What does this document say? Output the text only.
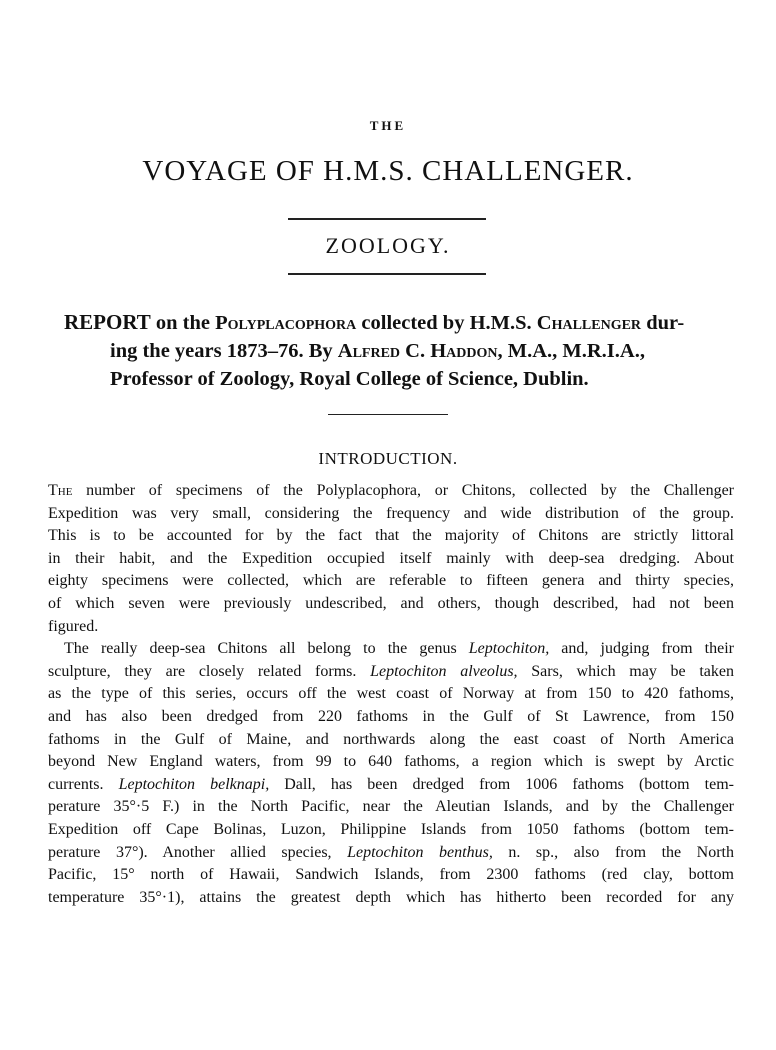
THE
VOYAGE OF H.M.S. CHALLENGER.
ZOOLOGY.
REPORT on the Polyplacophora collected by H.M.S. Challenger dur-
ing the years 1873–76. By Alfred C. Haddon, M.A., M.R.I.A.,
Professor of Zoology, Royal College of Science, Dublin.
INTRODUCTION.
The number of specimens of the Polyplacophora, or Chitons, collected by the Challenger
Expedition was very small, considering the frequency and wide distribution of the group.
This is to be accounted for by the fact that the majority of Chitons are strictly littoral
in their habit, and the Expedition occupied itself mainly with deep-sea dredging. About
eighty specimens were collected, which are referable to fifteen genera and thirty species,
of which seven were previously undescribed, and others, though described, had not been
figured.
The really deep-sea Chitons all belong to the genus Leptochiton, and, judging from their
sculpture, they are closely related forms. Leptochiton alveolus, Sars, which may be taken
as the type of this series, occurs off the west coast of Norway at from 150 to 420 fathoms,
and has also been dredged from 220 fathoms in the Gulf of St Lawrence, from 150
fathoms in the Gulf of Maine, and northwards along the east coast of North America
beyond New England waters, from 99 to 640 fathoms, a region which is swept by Arctic
currents. Leptochiton belknapi, Dall, has been dredged from 1006 fathoms (bottom tem-
perature 35°·5 F.) in the North Pacific, near the Aleutian Islands, and by the Challenger
Expedition off Cape Bolinas, Luzon, Philippine Islands from 1050 fathoms (bottom tem-
perature 37°). Another allied species, Leptochiton benthus, n. sp., also from the North
Pacific, 15° north of Hawaii, Sandwich Islands, from 2300 fathoms (red clay, bottom
temperature 35°·1), attains the greatest depth which has hitherto been recorded for any
